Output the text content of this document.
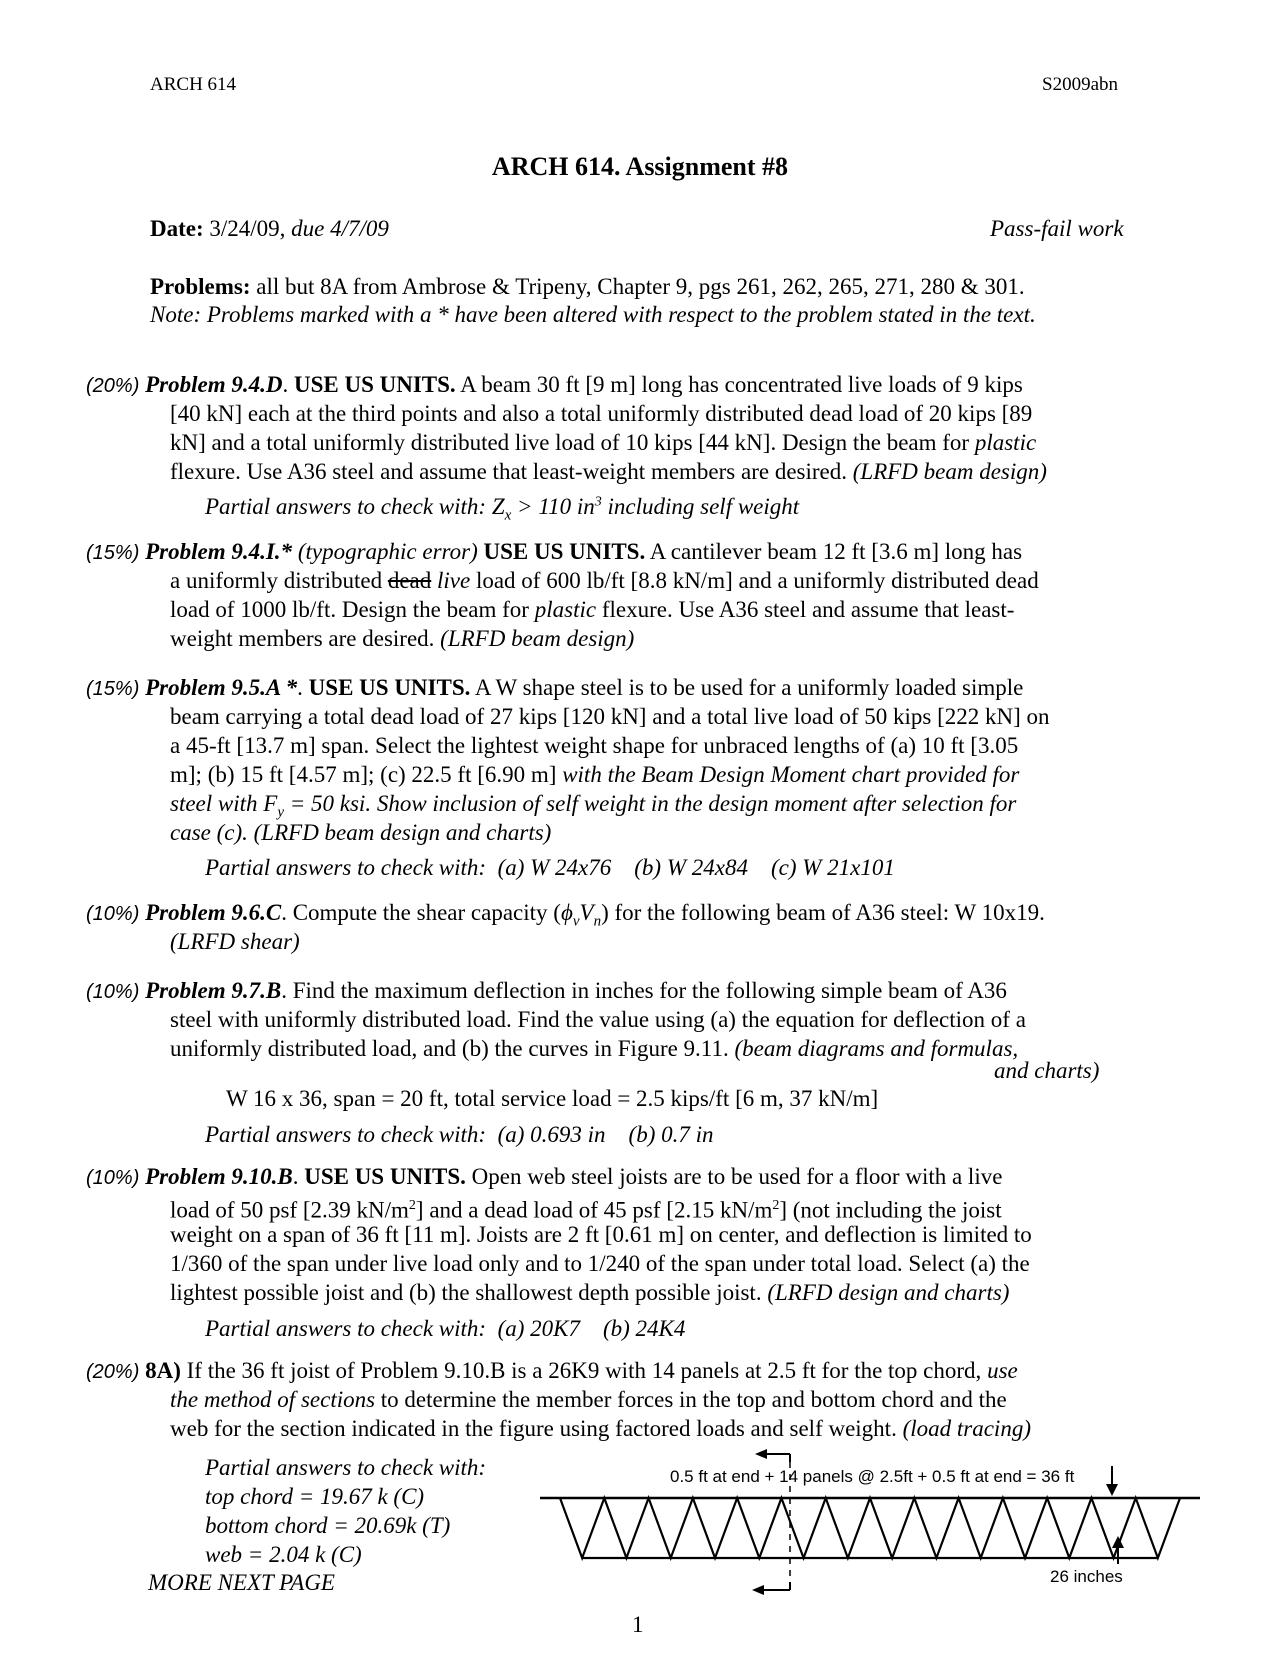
ARCH 614	S2009abn
ARCH 614. Assignment #8
Date: 3/24/09, due 4/7/09	Pass-fail work
Problems: all but 8A from Ambrose & Tripeny, Chapter 9, pgs 261, 262, 265, 271, 280 & 301.
Note: Problems marked with a * have been altered with respect to the problem stated in the text.
(20%) Problem 9.4.D. USE US UNITS. A beam 30 ft [9 m] long has concentrated live loads of 9 kips
[40 kN] each at the third points and also a total uniformly distributed dead load of 20 kips [89
kN] and a total uniformly distributed live load of 10 kips [44 kN]. Design the beam for plastic
flexure. Use A36 steel and assume that least-weight members are desired. (LRFD beam design)
Partial answers to check with: $Z_x > 110$ $in^3$ including self weight
(15%) Problem 9.4.I.* (typographic error) USE US UNITS. A cantilever beam 12 ft [3.6 m] long has
a uniformly distributed dead live load of 600 lb/ft [8.8 kN/m] and a uniformly distributed dead
load of 1000 lb/ft. Design the beam for plastic flexure. Use A36 steel and assume that least-
weight members are desired. (LRFD beam design)
(15%) Problem 9.5.A *. USE US UNITS. A W shape steel is to be used for a uniformly loaded simple
beam carrying a total dead load of 27 kips [120 kN] and a total live load of 50 kips [222 kN] on
a 45-ft [13.7 m] span. Select the lightest weight shape for unbraced lengths of (a) 10 ft [3.05
m]; (b) 15 ft [4.57 m]; (c) 22.5 ft [6.90 m] with the Beam Design Moment chart provided for
steel with $F_y = 50$ ksi. Show inclusion of self weight in the design moment after selection for
case (c). (LRFD beam design and charts)
Partial answers to check with:  (a) W 24x76    (b) W 24x84    (c) W 21x101
(10%) Problem 9.6.C. Compute the shear capacity $(\phi_vV_n)$ for the following beam of A36 steel: W 10x19.
(LRFD shear)
(10%) Problem 9.7.B. Find the maximum deflection in inches for the following simple beam of A36
steel with uniformly distributed load. Find the value using (a) the equation for deflection of a
uniformly distributed load, and (b) the curves in Figure 9.11. (beam diagrams and formulas,
and charts)
W 16 x 36, span = 20 ft, total service load = 2.5 kips/ft [6 m, 37 kN/m]
Partial answers to check with:  (a) 0.693 in    (b) 0.7 in
(10%) Problem 9.10.B. USE US UNITS. Open web steel joists are to be used for a floor with a live
load of 50 psf [2.39 $kN/m^2$] and a dead load of 45 psf [2.15 $kN/m^2$] (not including the joist
weight on a span of 36 ft [11 m]. Joists are 2 ft [0.61 m] on center, and deflection is limited to
1/360 of the span under live load only and to 1/240 of the span under total load. Select (a) the
lightest possible joist and (b) the shallowest depth possible joist. (LRFD design and charts)
Partial answers to check with:  (a) 20K7    (b) 24K4
(20%) 8A) If the 36 ft joist of Problem 9.10.B is a 26K9 with 14 panels at 2.5 ft for the top chord, use
the method of sections to determine the member forces in the top and bottom chord and the
web for the section indicated in the figure using factored loads and self weight. (load tracing)
Partial answers to check with:
top chord = 19.67 k (C)
bottom chord = 20.69k (T)
web = 2.04 k (C)
MORE NEXT PAGE
0.5 ft at end + 14 panels @ 2.5ft + 0.5 ft at end = 36 ft
26 inches
1
